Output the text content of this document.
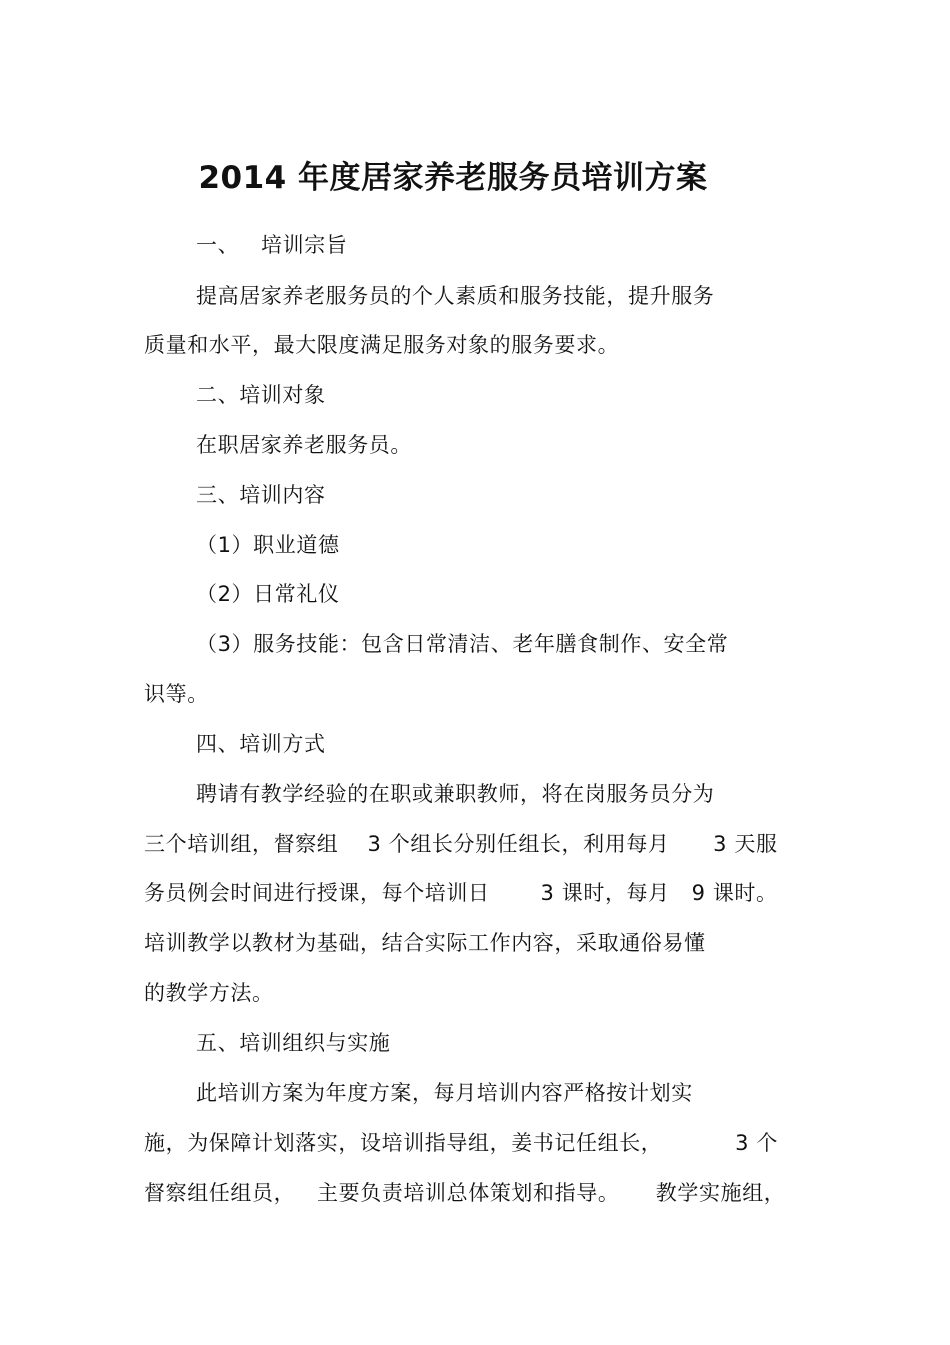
2014 年度居家养老服务员培训方案
一、   培训宗旨
提高居家养老服务员的个人素质和服务技能，提升服务
质量和水平，最大限度满足服务对象的服务要求。
二、培训对象
在职居家养老服务员。
三、培训内容
（1）职业道德
（2）日常礼仪
（3）服务技能：包含日常清洁、老年膳食制作、安全常
识等。
四、培训方式
聘请有教学经验的在职或兼职教师，将在岗服务员分为
三个培训组，督察组    3 个组长分别任组长，利用每月      3 天服
务员例会时间进行授课，每个培训日       3 课时，每月   9 课时。
培训教学以教材为基础，结合实际工作内容，采取通俗易懂
的教学方法。
五、培训组织与实施
此培训方案为年度方案，每月培训内容严格按计划实
施，为保障计划落实，设培训指导组，姜书记任组长，          3 个
督察组任组员，   主要负责培训总体策划和指导。     教学实施组，
